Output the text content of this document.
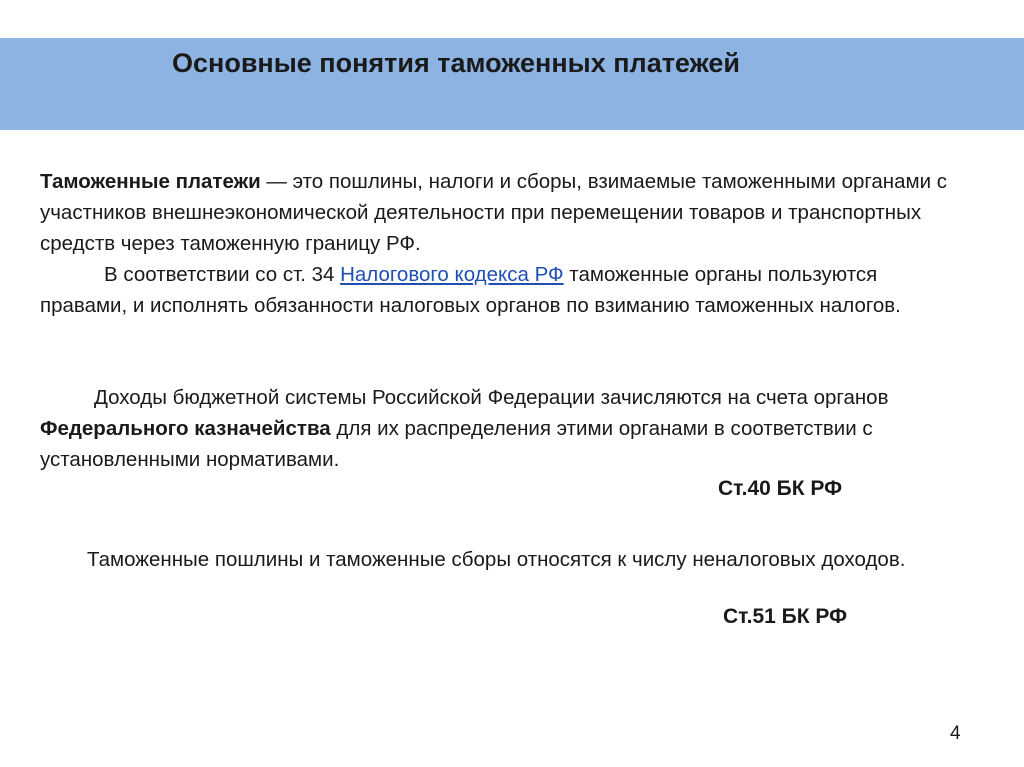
Основные понятия таможенных платежей

Таможенные платежи — это пошлины, налоги и сборы, взимаемые таможенными органами с участников внешнеэкономической деятельности при перемещении товаров и транспортных средств через таможенную границу РФ.

В соответствии со ст. 34 Налогового кодекса РФ таможенные органы пользуются правами, и исполнять обязанности налоговых органов по взиманию таможенных налогов.

Доходы бюджетной системы Российской Федерации зачисляются на счета органов Федерального казначейства для их распределения этими органами в соответствии с установленными нормативами.

Ст.40 БК РФ

Таможенные пошлины и таможенные сборы относятся к числу неналоговых доходов.

Ст.51 БК РФ
4
